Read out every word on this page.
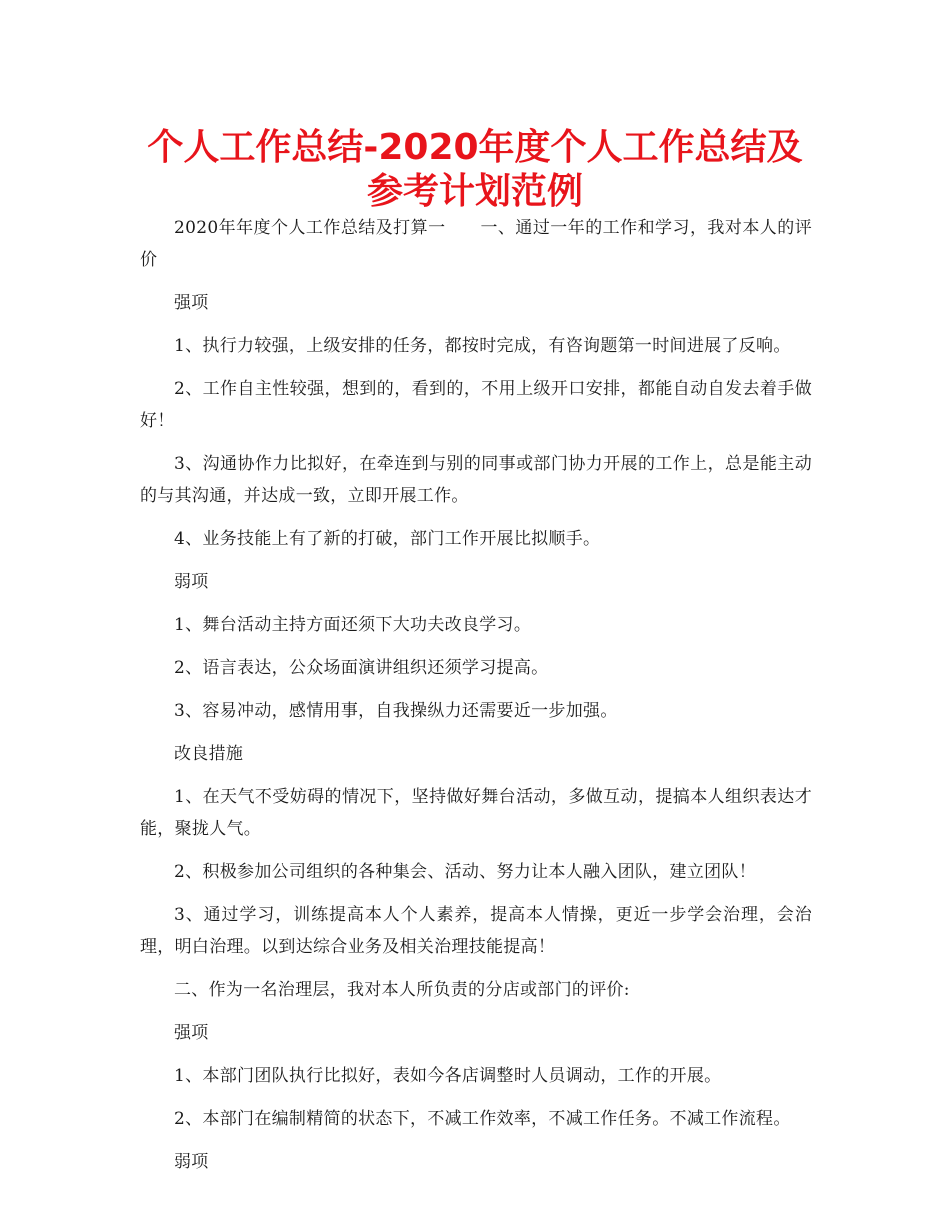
个人工作总结-2020年度个人工作总结及
参考计划范例

2020年年度个人工作总结及打算一　　一、通过一年的工作和学习，我对本人的评价

强项

1、执行力较强，上级安排的任务，都按时完成，有咨询题第一时间进展了反响。

2、工作自主性较强，想到的，看到的，不用上级开口安排，都能自动自发去着手做好！

3、沟通协作力比拟好，在牵连到与别的同事或部门协力开展的工作上，总是能主动的与其沟通，并达成一致，立即开展工作。

4、业务技能上有了新的打破，部门工作开展比拟顺手。

弱项

1、舞台活动主持方面还须下大功夫改良学习。

2、语言表达，公众场面演讲组织还须学习提高。

3、容易冲动，感情用事，自我操纵力还需要近一步加强。

改良措施

1、在天气不受妨碍的情况下，坚持做好舞台活动，多做互动，提搞本人组织表达才能，聚拢人气。

2、积极参加公司组织的各种集会、活动、努力让本人融入团队，建立团队！

3、通过学习，训练提高本人个人素养，提高本人情操，更近一步学会治理，会治理，明白治理。以到达综合业务及相关治理技能提高！

二、作为一名治理层，我对本人所负责的分店或部门的评价:

强项

1、本部门团队执行比拟好，表如今各店调整时人员调动，工作的开展。

2、本部门在编制精简的状态下，不减工作效率，不减工作任务。不减工作流程。

弱项
